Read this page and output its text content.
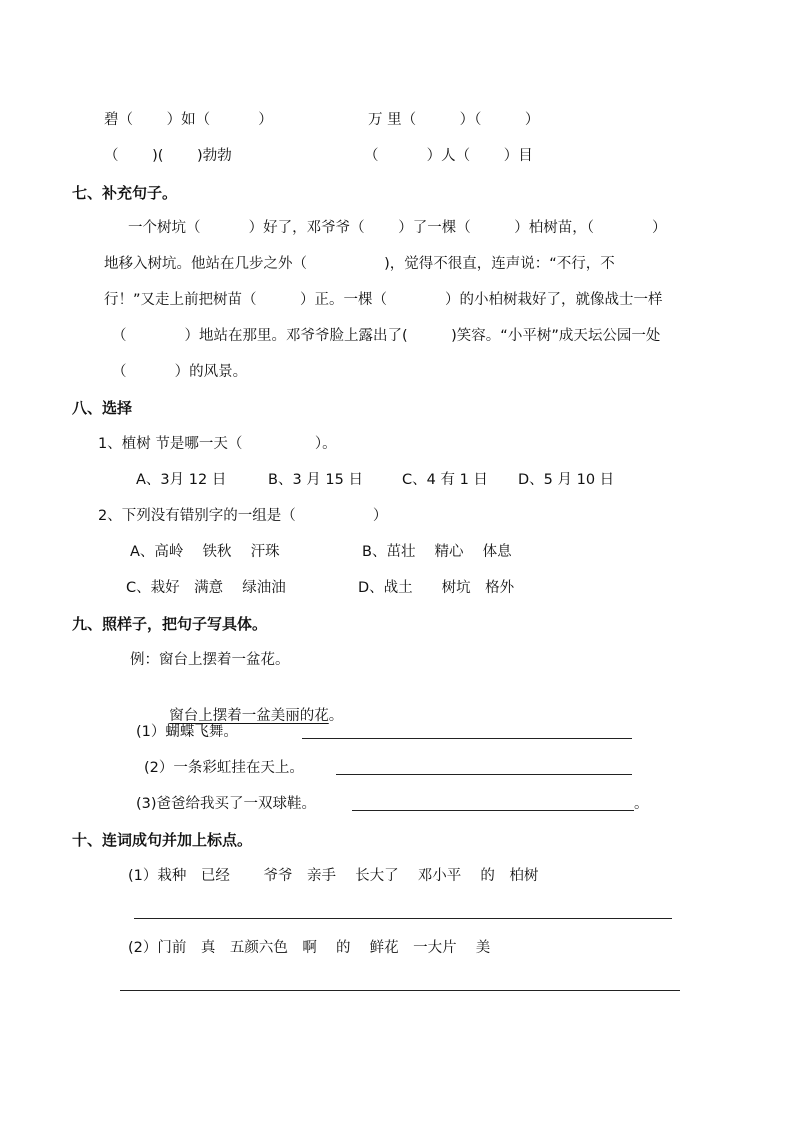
碧（　　 ）如（　　　 ）	万 里（　　　）（　　　）
（　　 )(　　 )勃勃	（　　　 ）人（　　 ）目
七、补充句子。
一个树坑（　　　 ）好了，邓爷爷（　　 ）了一棵（　　　）柏树苗，（　　　　）
地移入树坑。他站在几步之外（　　　　　 )，觉得不很直，连声说：“不行，不
行！”又走上前把树苗（　　　）正。一棵（　　　　）的小柏树栽好了，就像战士一样
（　　　　）地站在那里。邓爷爷脸上露出了(　　　)笑容。“小平树”成天坛公园一处
（　　　 ）的风景。
八、选择
1、植树 节是哪一天（　　　　　）。
A、3月 12 日	B、3 月 15 日	C、4 有 1 日 D、5 月 10 日
2、下列没有错别字的一组是（　　　　　 ）
A、高岭　 铁秋　 汗珠	B、茁壮　 精心　 体息
C、栽好　满意　 绿油油	D、战土　　树坑　格外
九、照样子，把句子写具体。
例：窗台上摆着一盆花。

窗台上摆着一盆美丽的花。

(1）蝴蝶飞舞。
(2）一条彩虹挂在天上。
(3)爸爸给我买了一双球鞋。	。
十、连词成句并加上标点。
(1）栽种　已经　　 爷爷　亲手　 长大了　 邓小平　 的　柏树
(2）门前　真　五颜六色　啊　 的　 鲜花　一大片　 美
